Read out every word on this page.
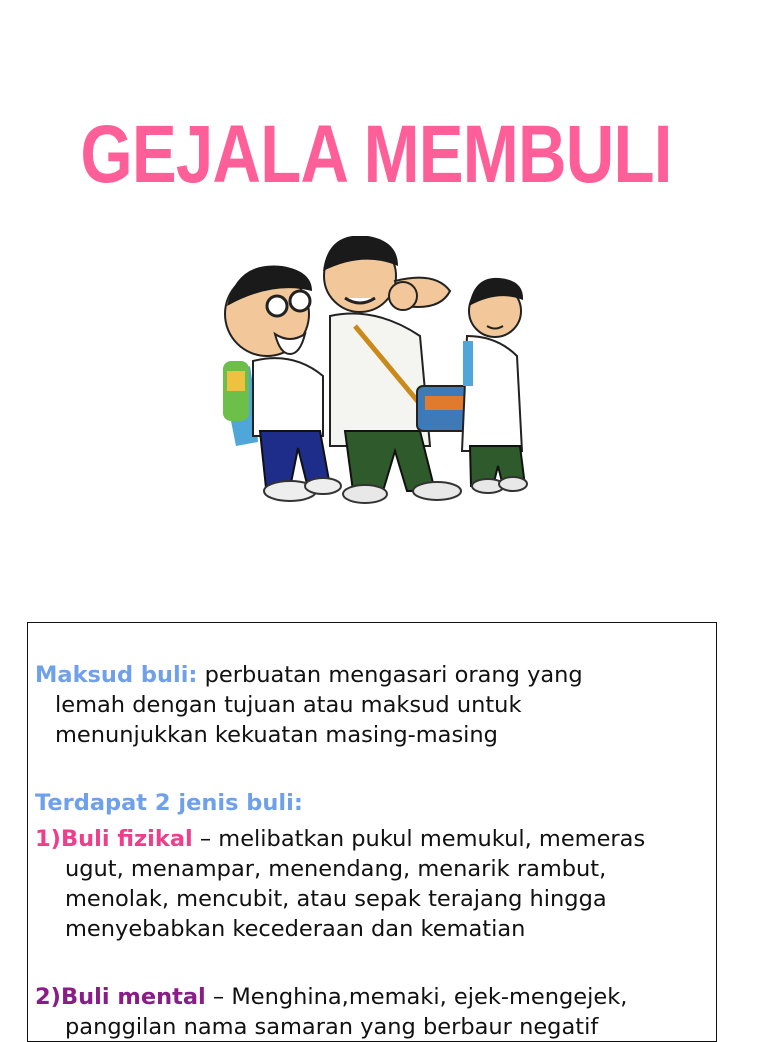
GEJALA MEMBULI

Maksud buli: perbuatan mengasari orang yang
lemah dengan tujuan atau maksud untuk
menunjukkan kekuatan masing-masing

Terdapat 2 jenis buli:

1)Buli fizikal – melibatkan pukul memukul, memeras
ugut, menampar, menendang, menarik rambut,
menolak, mencubit, atau sepak terajang hingga
menyebabkan kecederaan dan kematian
2)Buli mental – Menghina,memaki, ejek-mengejek,
panggilan nama samaran yang berbaur negatif
